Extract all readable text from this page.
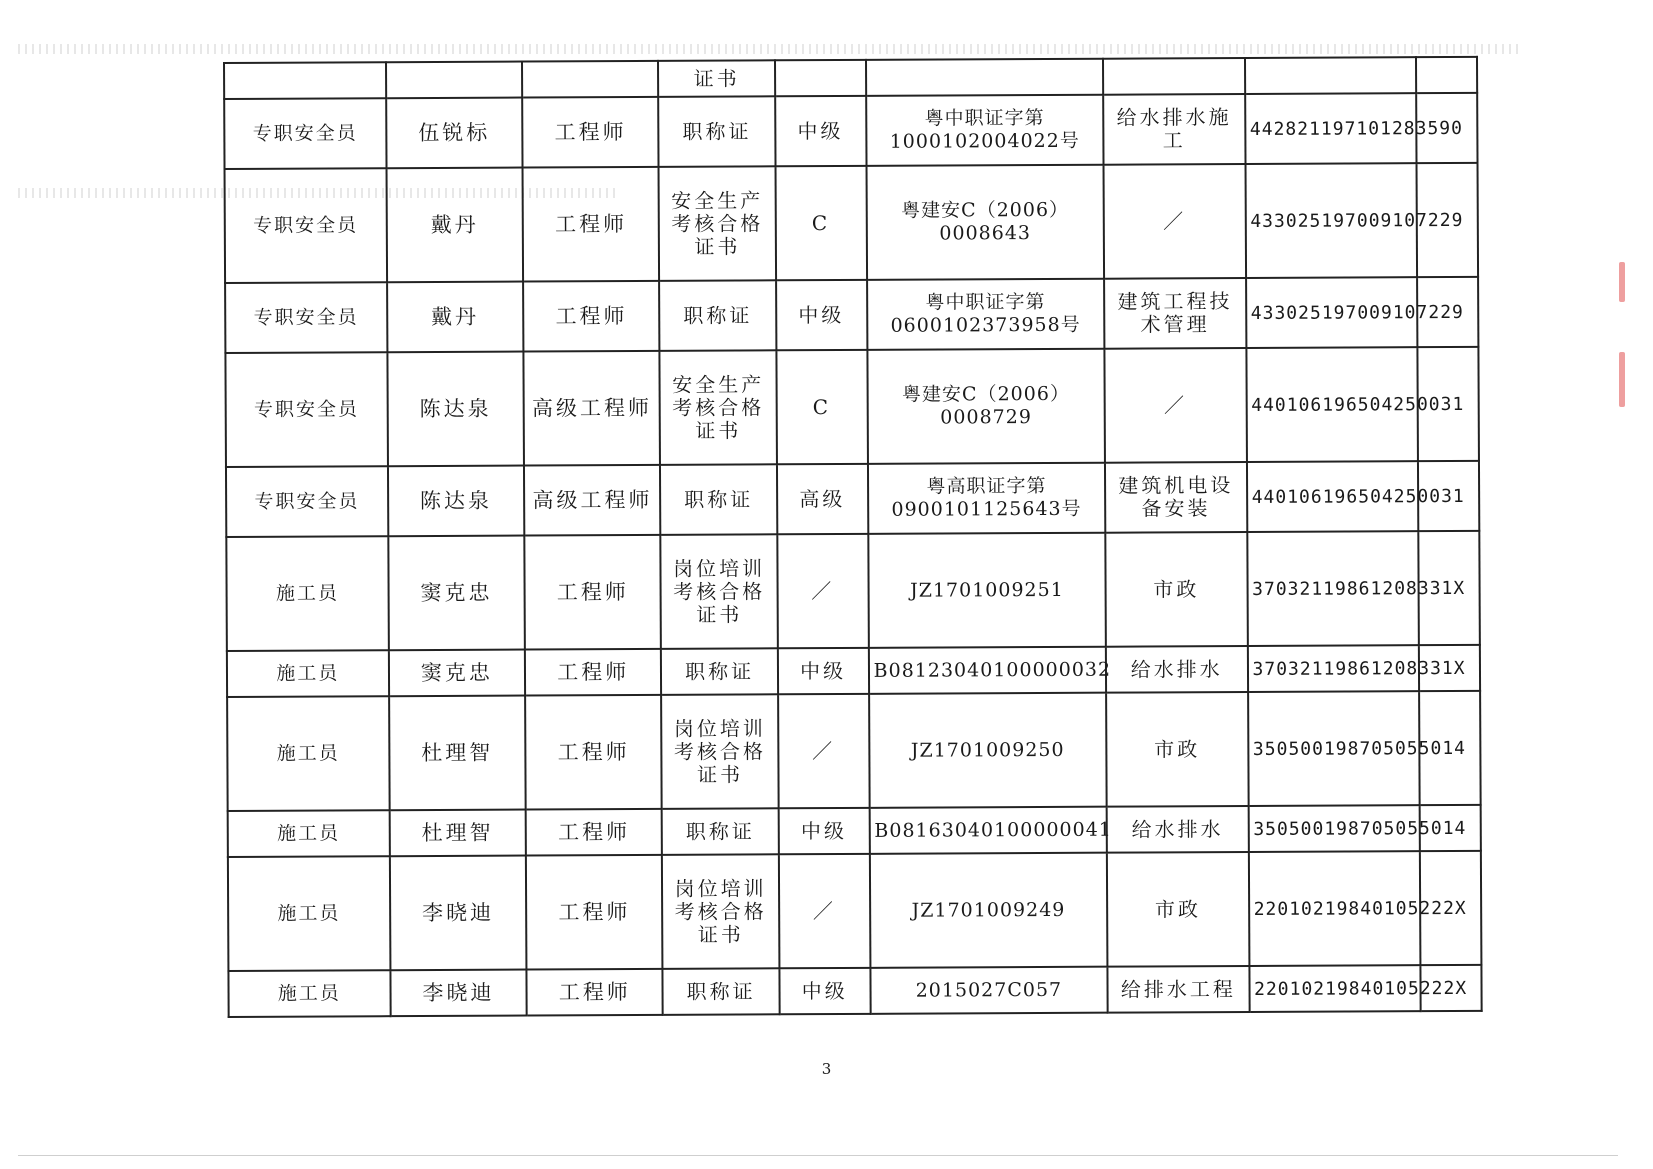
			证书					
专职安全员	伍锐标	工程师	职称证	中级	粤中职证字第1000102004022号	给水排水施工	442821197101283590	
专职安全员	戴丹	工程师	安全生产考核合格证书	C	粤建安C（2006）0008643	／	433025197009107229	
专职安全员	戴丹	工程师	职称证	中级	粤中职证字第0600102373958号	建筑工程技术管理	433025197009107229	
专职安全员	陈达泉	高级工程师	安全生产考核合格证书	C	粤建安C（2006）0008729	／	440106196504250031	
专职安全员	陈达泉	高级工程师	职称证	高级	粤高职证字第0900101125643号	建筑机电设备安装	440106196504250031	
施工员	窦克忠	工程师	岗位培训考核合格证书	／	JZ1701009251	市政	37032119861208331X	
施工员	窦克忠	工程师	职称证	中级	B08123040100000032	给水排水	37032119861208331X	
施工员	杜理智	工程师	岗位培训考核合格证书	／	JZ1701009250	市政	350500198705055014	
施工员	杜理智	工程师	职称证	中级	B08163040100000041	给水排水	350500198705055014	
施工员	李晓迪	工程师	岗位培训考核合格证书	／	JZ1701009249	市政	22010219840105222X	
施工员	李晓迪	工程师	职称证	中级	2015027C057	给排水工程	22010219840105222X	
3
